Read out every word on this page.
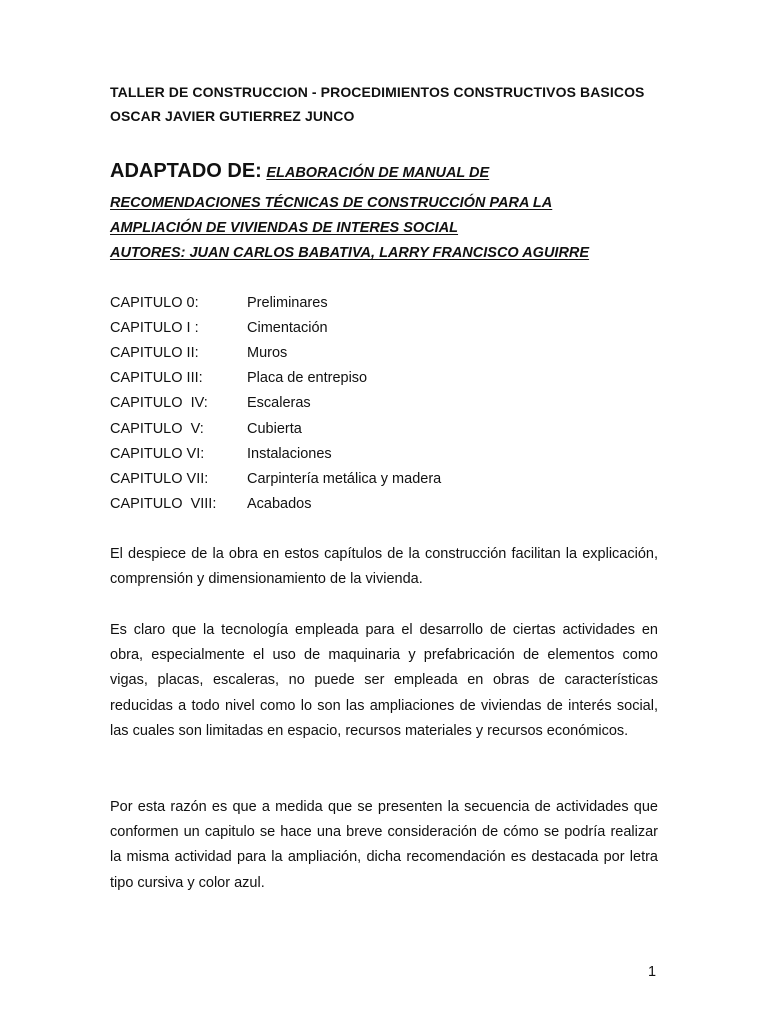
TALLER DE CONSTRUCCION - PROCEDIMIENTOS CONSTRUCTIVOS BASICOS
OSCAR JAVIER GUTIERREZ JUNCO
ADAPTADO DE: ELABORACIÓN DE MANUAL DE
RECOMENDACIONES TÉCNICAS DE CONSTRUCCIÓN PARA LA
AMPLIACIÓN DE VIVIENDAS DE INTERES SOCIAL
AUTORES: JUAN CARLOS BABATIVA, LARRY FRANCISCO AGUIRRE
CAPITULO 0:	Preliminares
CAPITULO I :	Cimentación
CAPITULO II:	Muros
CAPITULO III:	Placa de entrepiso
CAPITULO  IV:	Escaleras
CAPITULO  V:	Cubierta
CAPITULO VI:	Instalaciones
CAPITULO VII:	Carpintería metálica y madera
CAPITULO  VIII: Acabados

El despiece de la obra en estos capítulos de la construcción facilitan la explicación, comprensión y dimensionamiento de la vivienda.

Es claro que la tecnología empleada para el desarrollo de ciertas actividades en obra, especialmente el uso de maquinaria y prefabricación de elementos como vigas, placas, escaleras, no puede ser empleada en obras de características reducidas a todo nivel como lo son las ampliaciones de viviendas de interés social, las cuales son limitadas en espacio, recursos materiales y recursos económicos.

Por esta razón es que a medida que se presenten la secuencia de actividades que conformen un capitulo se hace una breve consideración de cómo se podría realizar la misma actividad para la ampliación, dicha recomendación es destacada por letra tipo cursiva y color azul.

1
